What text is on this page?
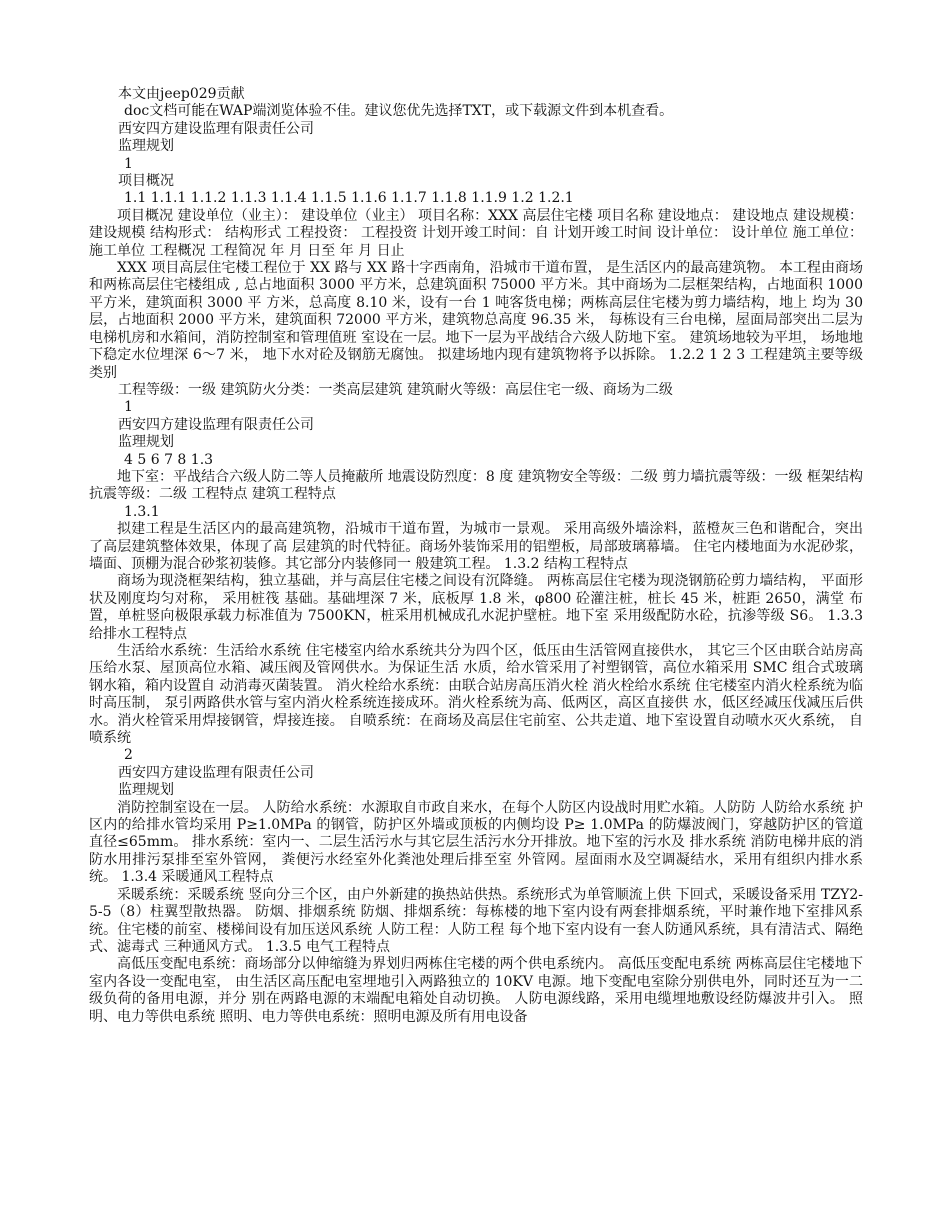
本文由jeep029贡献
doc文档可能在WAP端浏览体验不佳。建议您优先选择TXT，或下载源文件到本机查看。
西安四方建设监理有限责任公司
监理规划
1
项目概况
1.1 1.1.1 1.1.2 1.1.3 1.1.4 1.1.5 1.1.6 1.1.7 1.1.8 1.1.9 1.2 1.2.1

项目概况 建设单位（业主）： 建设单位（业主） 项目名称：XXX 高层住宅楼 项目名称 建设地点： 建设地点 建设规模： 建设规模 结构形式： 结构形式 工程投资： 工程投资 计划开竣工时间：自 计划开竣工时间 设计单位： 设计单位 施工单位： 施工单位 工程概况 工程简况 年 月 日至 年 月 日止

XXX 项目高层住宅楼工程位于 XX 路与 XX 路十字西南角，沿城市干道布置， 是生活区内的最高建筑物。 本工程由商场和两栋高层住宅楼组成 , 总占地面积 3000 平方米，总建筑面积 75000 平方米。其中商场为二层框架结构，占地面积 1000 平方米，建筑面积 3000 平 方米，总高度 8.10 米，设有一台 1 吨客货电梯；两栋高层住宅楼为剪力墙结构，地上 均为 30 层，占地面积 2000 平方米，建筑面积 72000 平方米，建筑物总高度 96.35 米， 每栋设有三台电梯，屋面局部突出二层为电梯机房和水箱间，消防控制室和管理值班 室设在一层。地下一层为平战结合六级人防地下室。 建筑场地较为平坦， 场地地下稳定水位埋深 6～7 米， 地下水对砼及钢筋无腐蚀。 拟建场地内现有建筑物将予以拆除。 1.2.2 1 2 3 工程建筑主要等级类别

工程等级：一级 建筑防火分类：一类高层建筑 建筑耐火等级：高层住宅一级、商场为二级
1
西安四方建设监理有限责任公司
监理规划
4 5 6 7 8 1.3

地下室：平战结合六级人防二等人员掩蔽所 地震设防烈度：8 度 建筑物安全等级：二级 剪力墙抗震等级：一级 框架结构抗震等级：二级 工程特点 建筑工程特点

1.3.1

拟建工程是生活区内的最高建筑物，沿城市干道布置，为城市一景观。 采用高级外墙涂料，蓝橙灰三色和谐配合，突出了高层建筑整体效果，体现了高 层建筑的时代特征。商场外装饰采用的铝塑板，局部玻璃幕墙。 住宅内楼地面为水泥砂浆，墙面、顶棚为混合砂浆初装修。其它部分内装修同一 般建筑工程。 1.3.2 结构工程特点

商场为现浇框架结构，独立基础，并与高层住宅楼之间设有沉降缝。 两栋高层住宅楼为现浇钢筋砼剪力墙结构， 平面形状及刚度均匀对称， 采用桩筏 基础。基础埋深 7 米，底板厚 1.8 米，φ800 砼灌注桩，桩长 45 米，桩距 2650，满堂 布置，单桩竖向极限承载力标准值为 7500KN，桩采用机械成孔水泥护壁桩。地下室 采用级配防水砼，抗渗等级 S6。 1.3.3 给排水工程特点

生活给水系统：生活给水系统 住宅楼室内给水系统共分为四个区，低压由生活管网直接供水， 其它三个区由联合站房高压给水泵、屋顶高位水箱、减压阀及管网供水。为保证生活 水质，给水管采用了衬塑钢管，高位水箱采用 SMC 组合式玻璃钢水箱，箱内设置自 动消毒灭菌装置。 消火栓给水系统：由联合站房高压消火栓 消火栓给水系统 住宅楼室内消火栓系统为临时高压制， 泵引两路供水管与室内消火栓系统连接成环。消火栓系统为高、低两区，高区直接供 水，低区经减压伐减压后供水。消火栓管采用焊接钢管，焊接连接。 自喷系统：在商场及高层住宅前室、公共走道、地下室设置自动喷水灭火系统， 自喷系统

2
西安四方建设监理有限责任公司
监理规划

消防控制室设在一层。 人防给水系统：水源取自市政自来水，在每个人防区内设战时用贮水箱。人防防 人防给水系统 护区内的给排水管均采用 P≥1.0MPa 的钢管，防护区外墙或顶板的内侧均设 P≥ 1.0MPa 的防爆波阀门，穿越防护区的管道直径≤65mm。 排水系统：室内一、二层生活污水与其它层生活污水分开排放。地下室的污水及 排水系统 消防电梯井底的消防水用排污泵排至室外管网， 粪便污水经室外化粪池处理后排至室 外管网。屋面雨水及空调凝结水，采用有组织内排水系统。 1.3.4 采暖通风工程特点

采暖系统：采暖系统 竖向分三个区，由户外新建的换热站供热。系统形式为单管顺流上供 下回式，采暖设备采用 TZY2-5-5（8）柱翼型散热器。 防烟、排烟系统 防烟、排烟系统：每栋楼的地下室内设有两套排烟系统，平时兼作地下室排风系 统。住宅楼的前室、楼梯间设有加压送风系统 人防工程：人防工程 每个地下室内设有一套人防通风系统，具有清洁式、隔绝式、滤毒式 三种通风方式。 1.3.5 电气工程特点

高低压变配电系统：商场部分以伸缩缝为界划归两栋住宅楼的两个供电系统内。 高低压变配电系统 两栋高层住宅楼地下室内各设一变配电室， 由生活区高压配电室埋地引入两路独立的 10KV 电源。地下变配电室除分别供电外，同时还互为一二级负荷的备用电源，并分 别在两路电源的末端配电箱处自动切换。 人防电源线路，采用电缆埋地敷设经防爆波井引入。 照明、电力等供电系统 照明、电力等供电系统：照明电源及所有用电设备
